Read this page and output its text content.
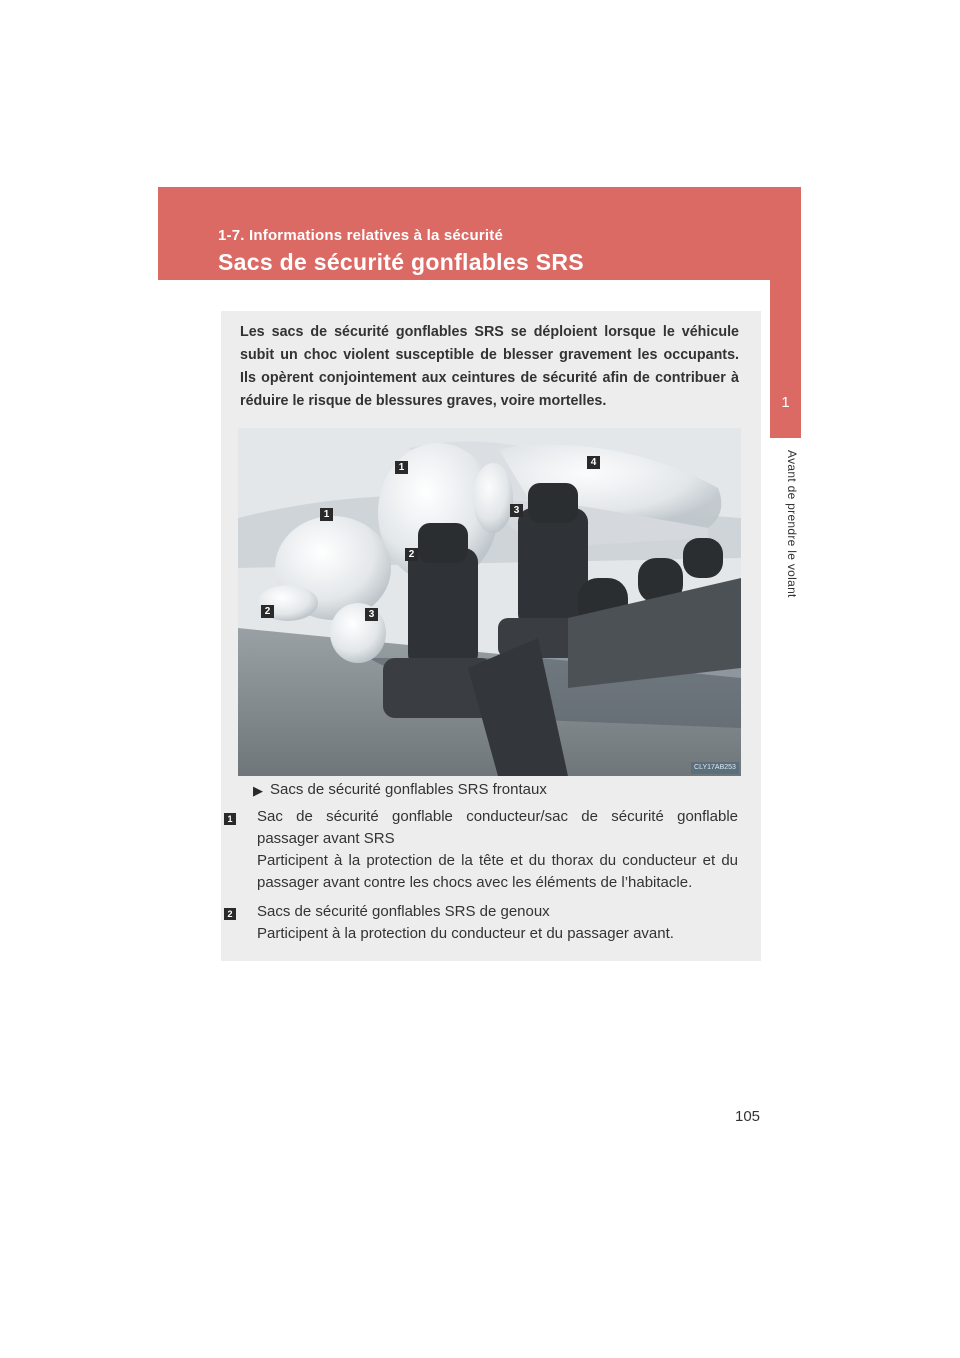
1-7. Informations relatives à la sécurité
Sacs de sécurité gonflables SRS
1
Avant de prendre le volant
Les sacs de sécurité gonflables SRS se déploient lorsque le véhicule subit un choc violent susceptible de blesser gravement les occupants. Ils opèrent conjointement aux ceintures de sécurité afin de contribuer à réduire le risque de blessures graves, voire mortelles.
1
1
2
2
3
3
4
CLY17AB253
▶ Sacs de sécurité gonflables SRS frontaux
1 Sac de sécurité gonflable conducteur/sac de sécurité gonflable passager avant SRS
Participent à la protection de la tête et du thorax du conducteur et du passager avant contre les chocs avec les éléments de l’habitacle.
2 Sacs de sécurité gonflables SRS de genoux
Participent à la protection du conducteur et du passager avant.
105
